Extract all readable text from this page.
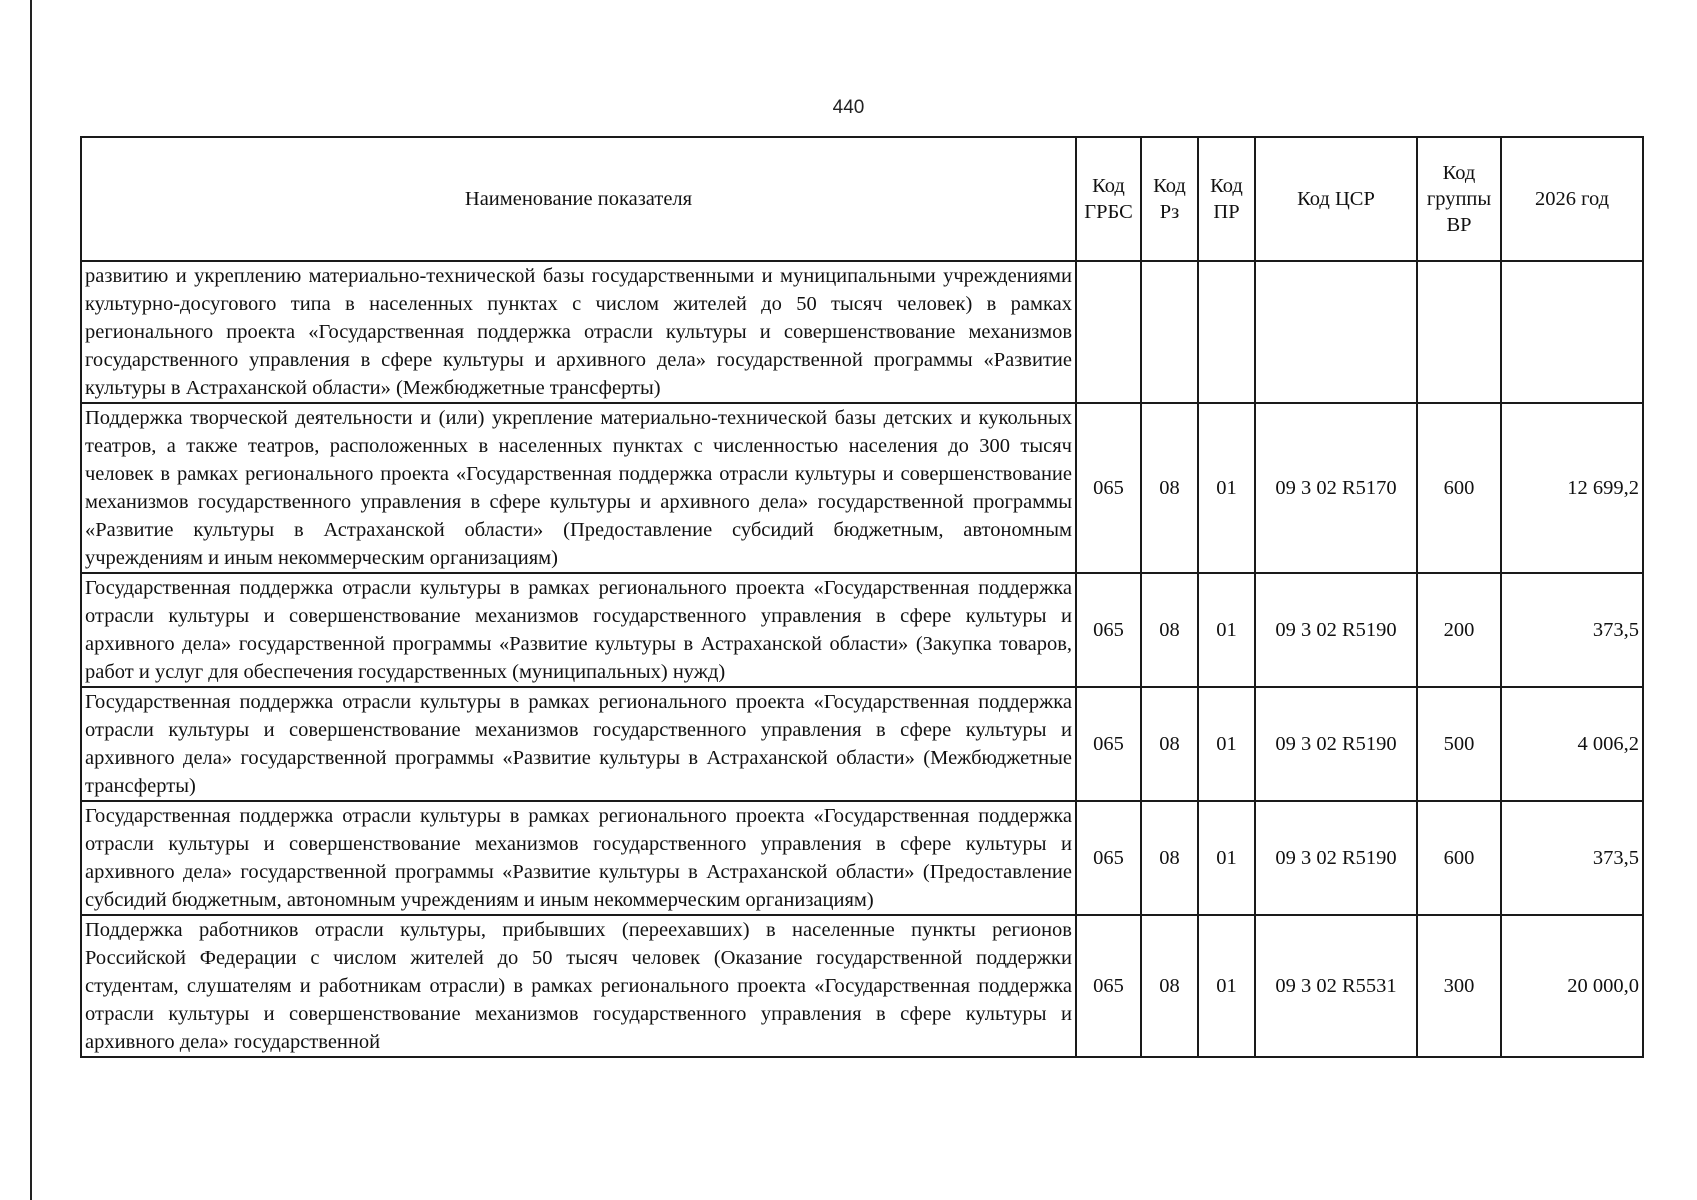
440
Наименование показателя	Код ГРБС	Код Рз	Код ПР	Код ЦСР	Код группы ВР	2026 год
развитию и укреплению материально-технической базы государственными и муниципальными учреждениями культурно-досугового типа в населенных пунктах с числом жителей до 50 тысяч человек) в рамках регионального проекта «Государственная поддержка отрасли культуры и совершенствование механизмов государственного управления в сфере культуры и архивного дела» государственной программы «Развитие культуры в Астраханской области» (Межбюджетные трансферты)						
Поддержка творческой деятельности и (или) укрепление материально-технической базы детских и кукольных театров, а также театров, расположенных в населенных пунктах с численностью населения до 300 тысяч человек в рамках регионального проекта «Государственная поддержка отрасли культуры и совершенствование механизмов государственного управления в сфере культуры и архивного дела» государственной программы «Развитие культуры в Астраханской области» (Предоставление субсидий бюджетным, автономным учреждениям и иным некоммерческим организациям)	065	08	01	09 3 02 R5170	600	12 699,2
Государственная поддержка отрасли культуры в рамках регионального проекта «Государственная поддержка отрасли культуры и совершенствование механизмов государственного управления в сфере культуры и архивного дела» государственной программы «Развитие культуры в Астраханской области» (Закупка товаров, работ и услуг для обеспечения государственных (муниципальных) нужд)	065	08	01	09 3 02 R5190	200	373,5
Государственная поддержка отрасли культуры в рамках регионального проекта «Государственная поддержка отрасли культуры и совершенствование механизмов государственного управления в сфере культуры и архивного дела» государственной программы «Развитие культуры в Астраханской области» (Межбюджетные трансферты)	065	08	01	09 3 02 R5190	500	4 006,2
Государственная поддержка отрасли культуры в рамках регионального проекта «Государственная поддержка отрасли культуры и совершенствование механизмов государственного управления в сфере культуры и архивного дела» государственной программы «Развитие культуры в Астраханской области» (Предоставление субсидий бюджетным, автономным учреждениям и иным некоммерческим организациям)	065	08	01	09 3 02 R5190	600	373,5
Поддержка работников отрасли культуры, прибывших (переехавших) в населенные пункты регионов Российской Федерации с числом жителей до 50 тысяч человек (Оказание государственной поддержки студентам, слушателям и работникам отрасли) в рамках регионального проекта «Государственная поддержка отрасли культуры и совершенствование механизмов государственного управления в сфере культуры и архивного дела» государственной	065	08	01	09 3 02 R5531	300	20 000,0
